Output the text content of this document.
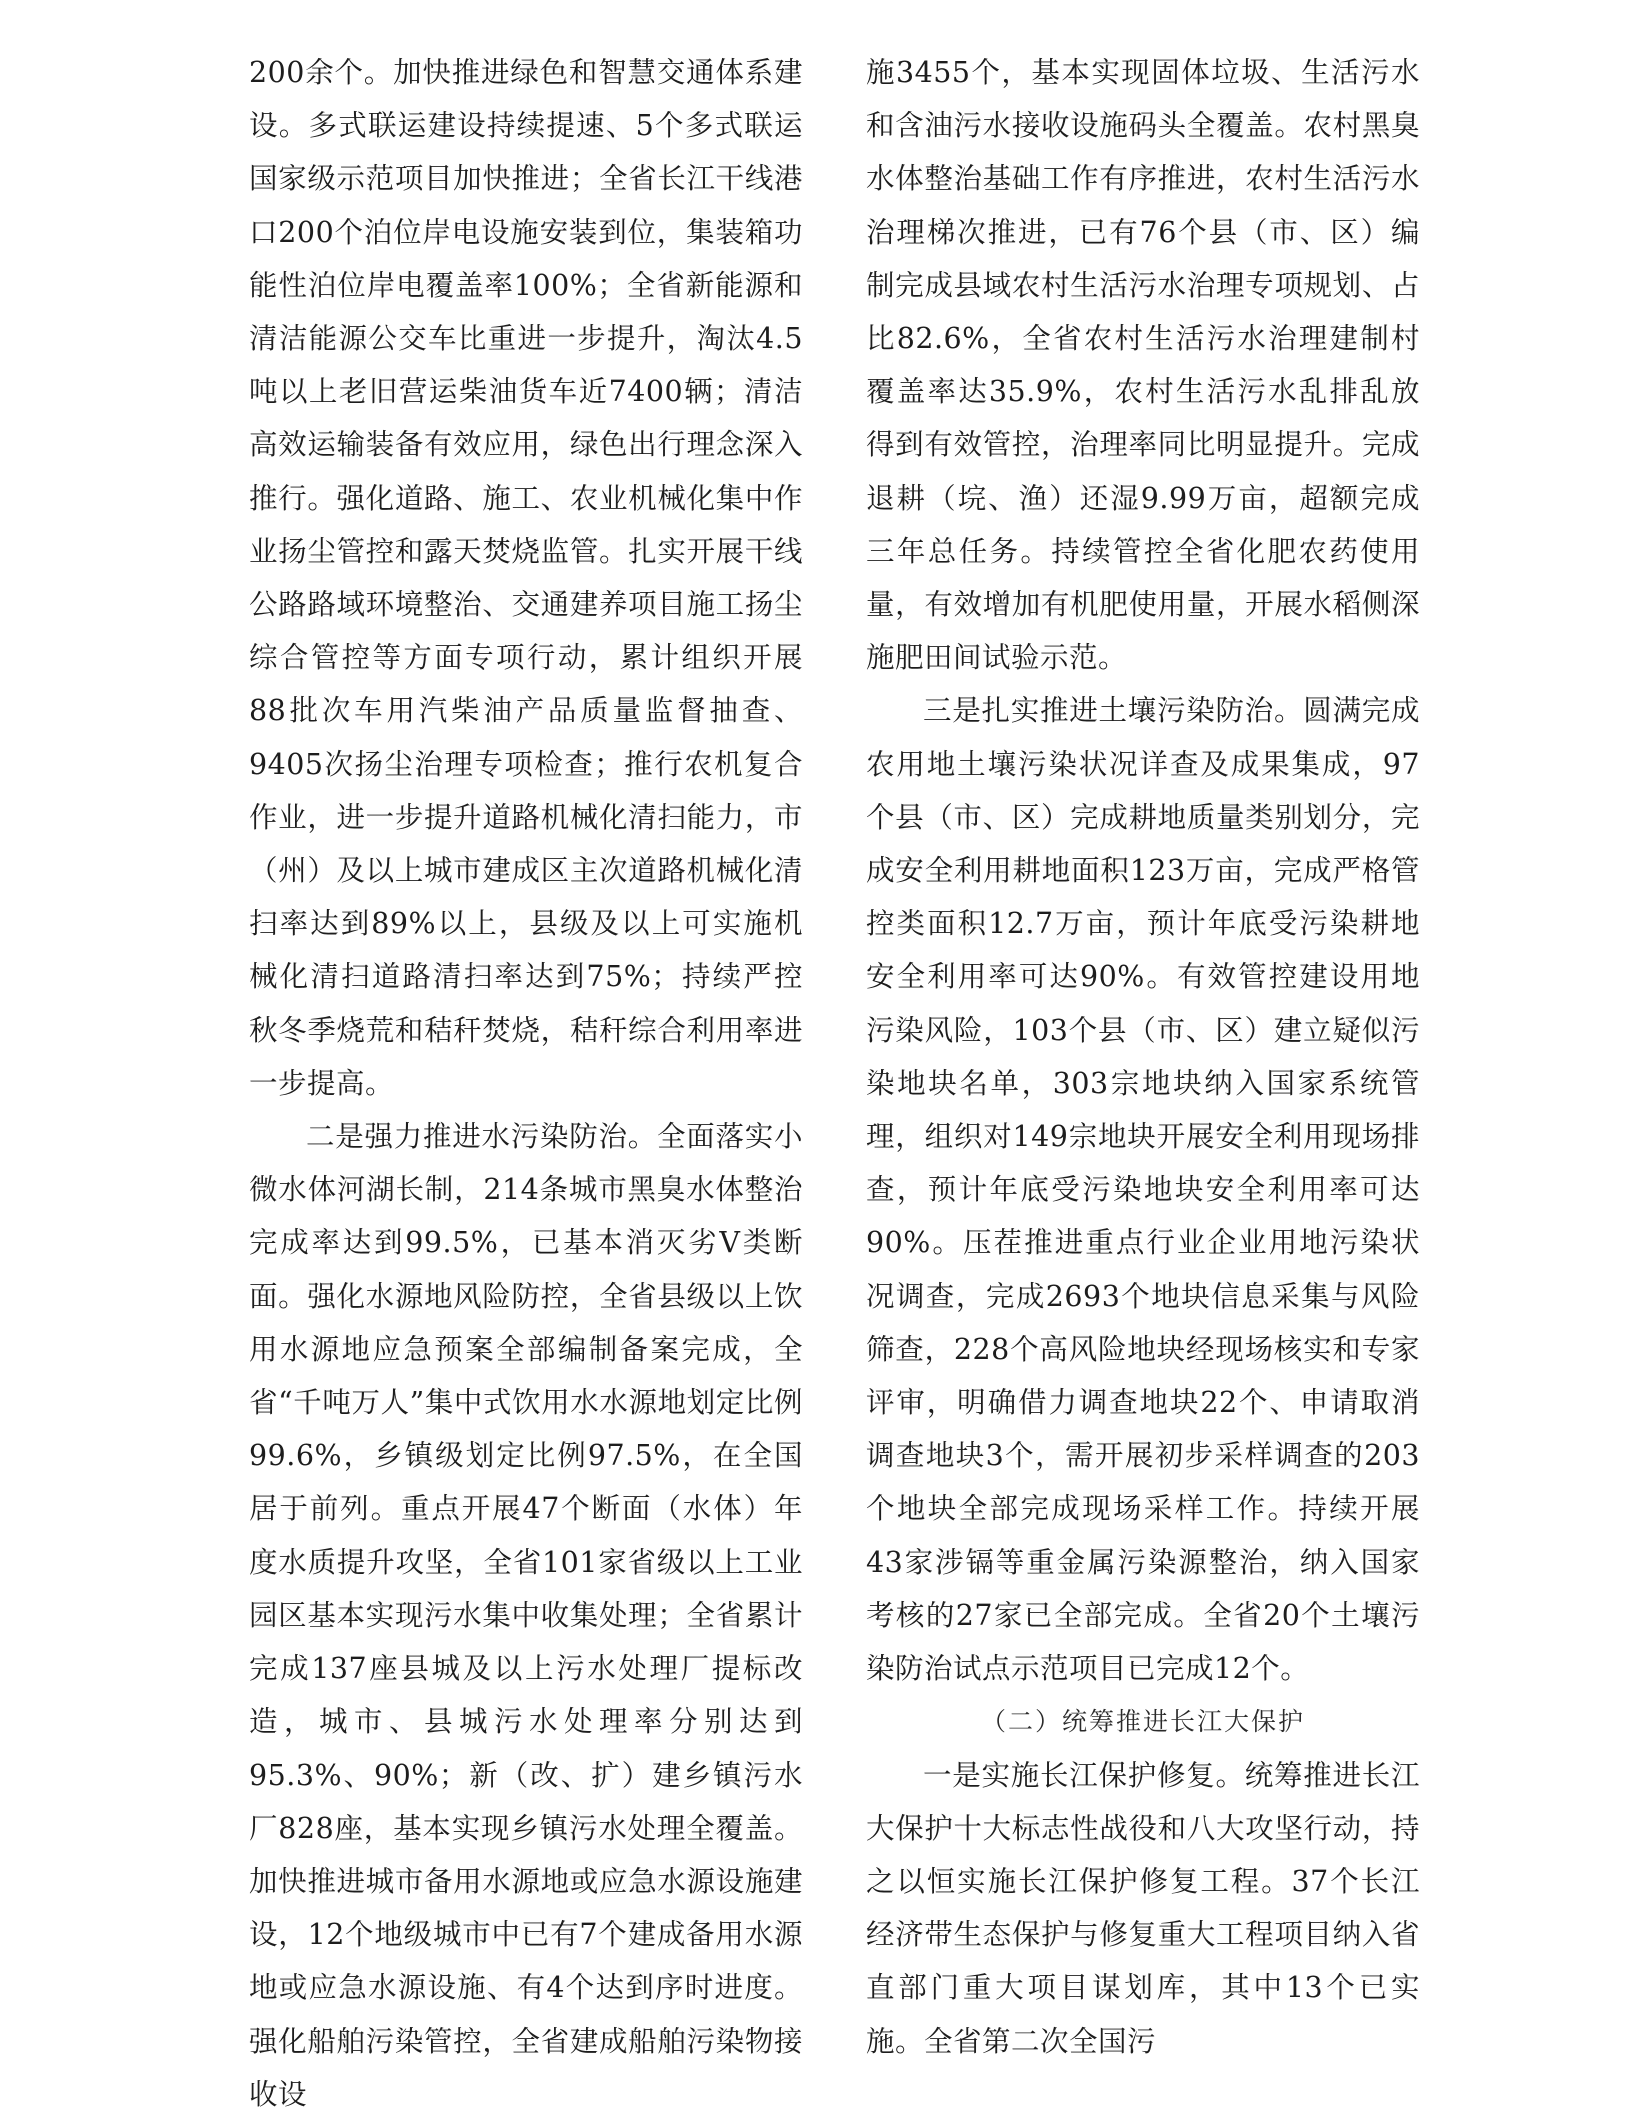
200余个。加快推进绿色和智慧交通体系建设。多式联运建设持续提速、5个多式联运国家级示范项目加快推进；全省长江干线港口200个泊位岸电设施安装到位，集装箱功能性泊位岸电覆盖率100%；全省新能源和清洁能源公交车比重进一步提升，淘汰4.5吨以上老旧营运柴油货车近7400辆；清洁高效运输装备有效应用，绿色出行理念深入推行。强化道路、施工、农业机械化集中作业扬尘管控和露天焚烧监管。扎实开展干线公路路域环境整治、交通建养项目施工扬尘综合管控等方面专项行动，累计组织开展88批次车用汽柴油产品质量监督抽查、9405次扬尘治理专项检查；推行农机复合作业，进一步提升道路机械化清扫能力，市（州）及以上城市建成区主次道路机械化清扫率达到89%以上，县级及以上可实施机械化清扫道路清扫率达到75%；持续严控秋冬季烧荒和秸秆焚烧，秸秆综合利用率进一步提高。

二是强力推进水污染防治。全面落实小微水体河湖长制，214条城市黑臭水体整治完成率达到99.5%，已基本消灭劣V类断面。强化水源地风险防控，全省县级以上饮用水源地应急预案全部编制备案完成，全省“千吨万人”集中式饮用水水源地划定比例99.6%，乡镇级划定比例97.5%，在全国居于前列。重点开展47个断面（水体）年度水质提升攻坚，全省101家省级以上工业园区基本实现污水集中收集处理；全省累计完成137座县城及以上污水处理厂提标改造，城市、县城污水处理率分别达到95.3%、90%；新（改、扩）建乡镇污水厂828座，基本实现乡镇污水处理全覆盖。加快推进城市备用水源地或应急水源设施建设，12个地级城市中已有7个建成备用水源地或应急水源设施、有4个达到序时进度。强化船舶污染管控，全省建成船舶污染物接收设

施3455个，基本实现固体垃圾、生活污水和含油污水接收设施码头全覆盖。农村黑臭水体整治基础工作有序推进，农村生活污水治理梯次推进，已有76个县（市、区）编制完成县域农村生活污水治理专项规划、占比82.6%，全省农村生活污水治理建制村覆盖率达35.9%，农村生活污水乱排乱放得到有效管控，治理率同比明显提升。完成退耕（垸、渔）还湿9.99万亩，超额完成三年总任务。持续管控全省化肥农药使用量，有效增加有机肥使用量，开展水稻侧深施肥田间试验示范。

三是扎实推进土壤污染防治。圆满完成农用地土壤污染状况详查及成果集成，97个县（市、区）完成耕地质量类别划分，完成安全利用耕地面积123万亩，完成严格管控类面积12.7万亩，预计年底受污染耕地安全利用率可达90%。有效管控建设用地污染风险，103个县（市、区）建立疑似污染地块名单，303宗地块纳入国家系统管理，组织对149宗地块开展安全利用现场排查，预计年底受污染地块安全利用率可达90%。压茬推进重点行业企业用地污染状况调查，完成2693个地块信息采集与风险筛查，228个高风险地块经现场核实和专家评审，明确借力调查地块22个、申请取消调查地块3个，需开展初步采样调查的203个地块全部完成现场采样工作。持续开展43家涉镉等重金属污染源整治，纳入国家考核的27家已全部完成。全省20个土壤污染防治试点示范项目已完成12个。

（二）统筹推进长江大保护

一是实施长江保护修复。统筹推进长江大保护十大标志性战役和八大攻坚行动，持之以恒实施长江保护修复工程。37个长江经济带生态保护与修复重大工程项目纳入省直部门重大项目谋划库，其中13个已实施。全省第二次全国污
